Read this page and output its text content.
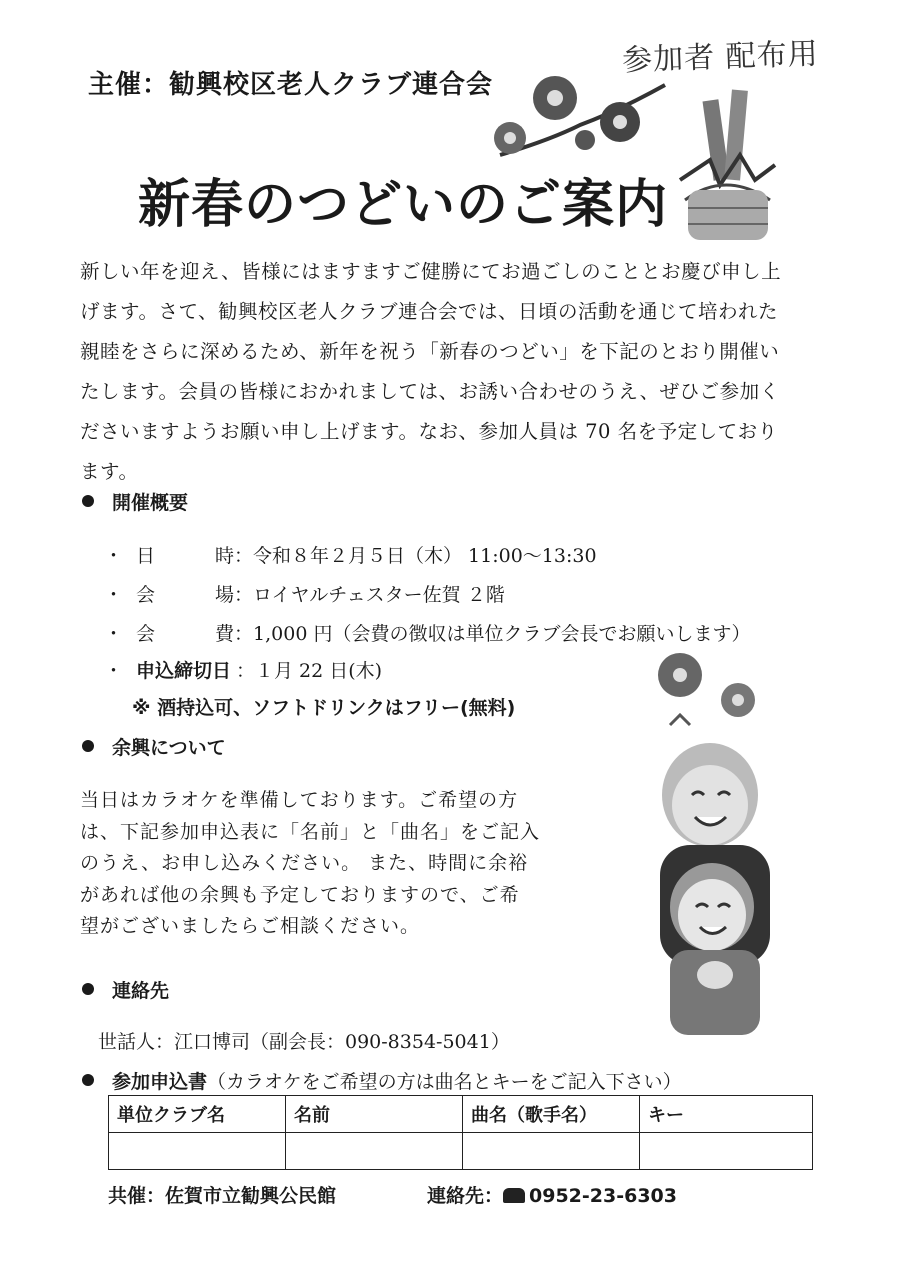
参加者 配布用
主催：勧興校区老人クラブ連合会
新春のつどいのご案内
新しい年を迎え、皆様にはますますご健勝にてお過ごしのこととお慶び申し上
げます。さて、勧興校区老人クラブ連合会では、日頃の活動を通じて培われた
親睦をさらに深めるため、新年を祝う「新春のつどい」を下記のとおり開催い
たします。会員の皆様におかれましては、お誘い合わせのうえ、ぜひご参加く
ださいますようお願い申し上げます。なお、参加人員は 70 名を予定しており
ます。
開催概要
・ 日	時：令和８年２月５日（木） 11:00～13:30
・ 会	場：ロイヤルチェスター佐賀 ２階
・ 会	費：1,000 円（会費の徴収は単位クラブ会長でお願いします）
・ 申込締切日 ：１月 22 日(木)
※ 酒持込可、ソフトドリンクはフリー(無料)
余興について
当日はカラオケを準備しております。ご希望の方
は、下記参加申込表に「名前」と「曲名」をご記入
のうえ、お申し込みください。 また、時間に余裕
があれば他の余興も予定しておりますので、ご希
望がございましたらご相談ください。
連絡先
世話人：江口博司（副会長：090-8354-5041）
参加申込書（カラオケをご希望の方は曲名とキーをご記入下さい）
単位クラブ名	名前	曲名（歌手名）	キー

共催：佐賀市立勧興公民館	連絡先： 0952-23-6303
